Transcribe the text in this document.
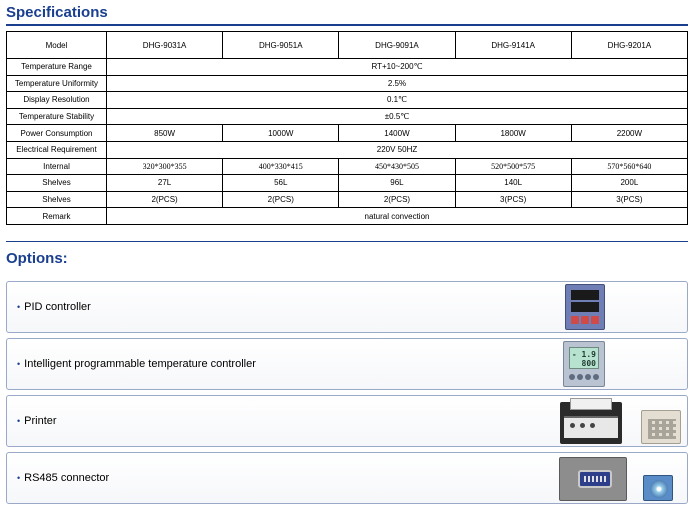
Specifications
Model	DHG-9031A	DHG-9051A	DHG-9091A	DHG-9141A	DHG-9201A
Temperature Range	RT+10~200℃				
Temperature Uniformity	2.5%				
Display Resolution	0.1℃				
Temperature Stability	±0.5℃				
Power Consumption	850W	1000W	1400W	1800W	2200W
Electrical Requirement	220V 50HZ				
Internal	320*300*355	400*330*415	450*430*505	520*500*575	570*560*640
Shelves	27L	56L	96L	140L	200L
Shelves	2(PCS)	2(PCS)	2(PCS)	3(PCS)	3(PCS)
Remark	natural convection				
Options:
• PID controller
• Intelligent programmable temperature controller
- 1.9
800
• Printer
• RS485 connector
